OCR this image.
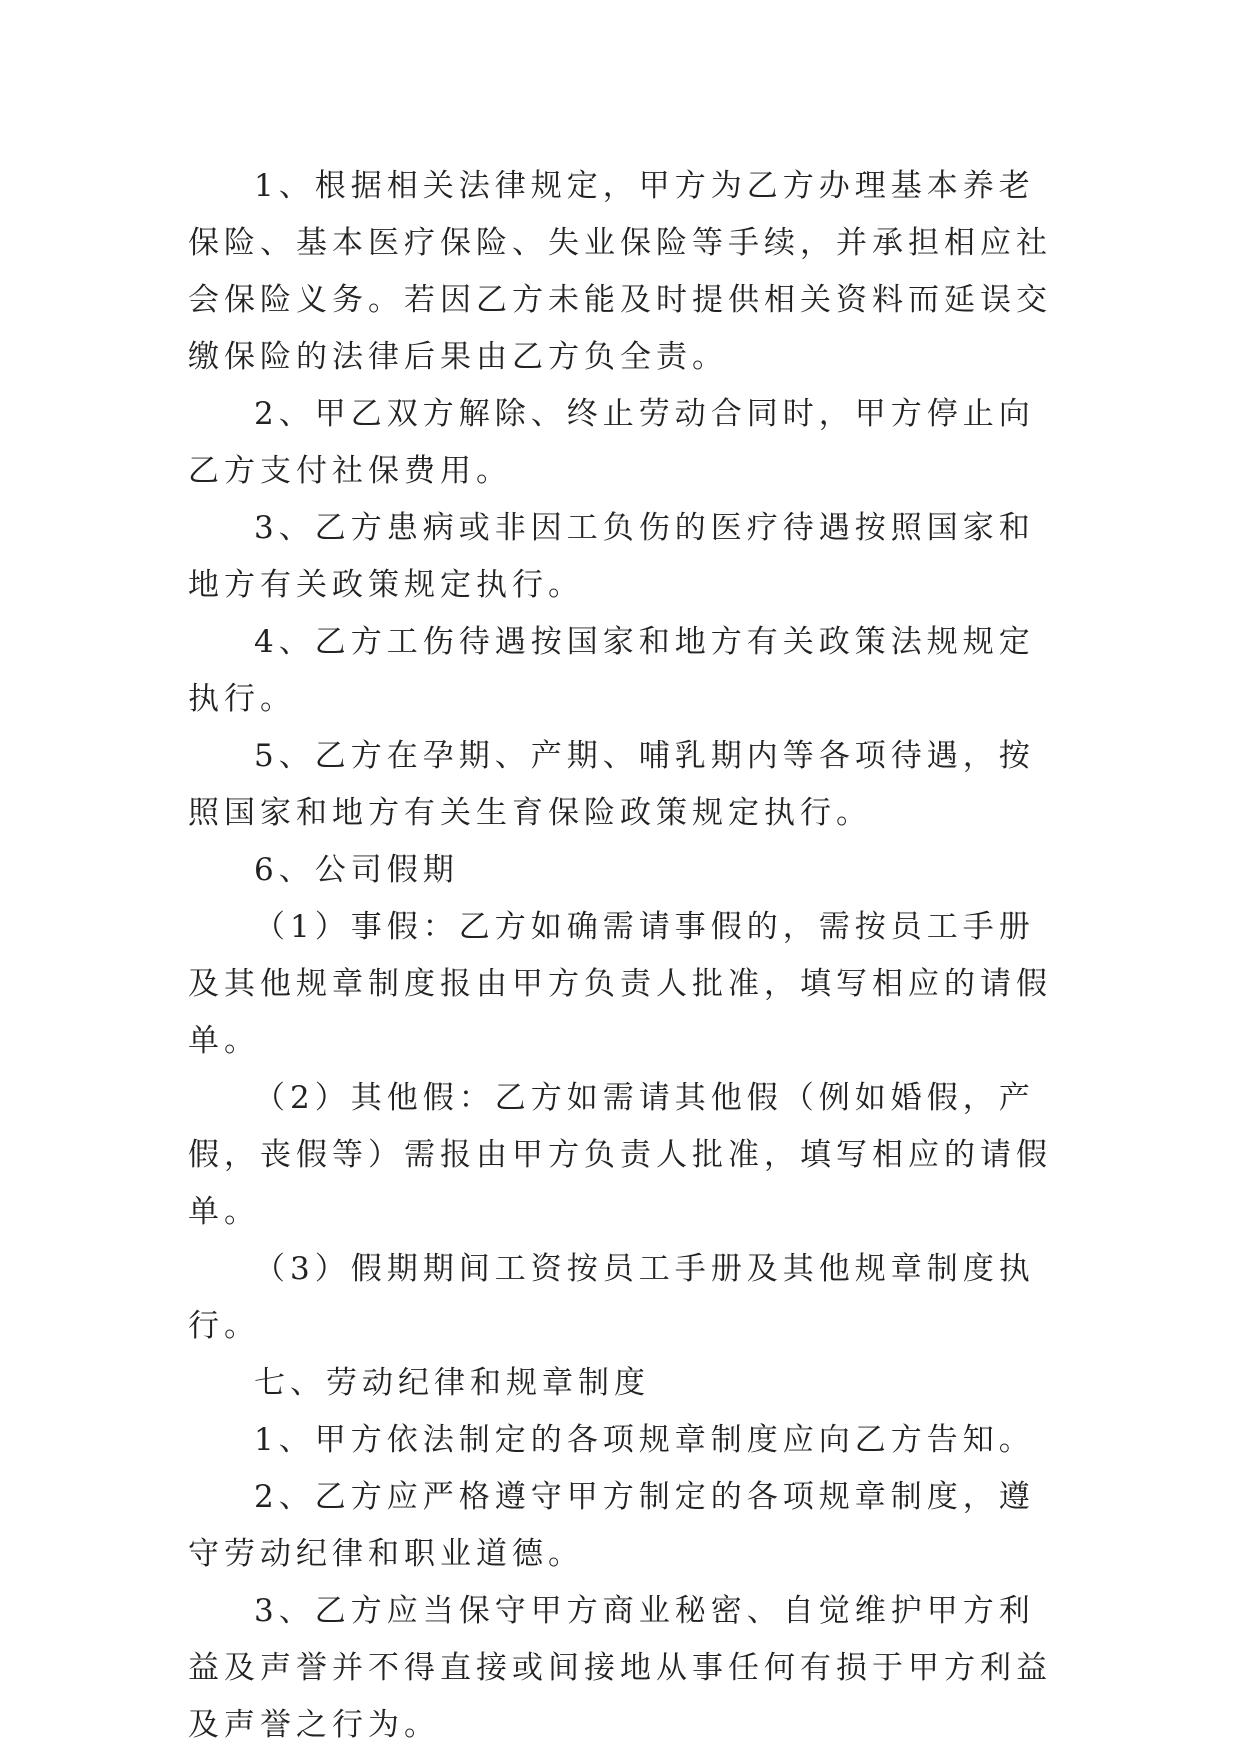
1、根据相关法律规定，甲方为乙方办理基本养老保险、基本医疗保险、失业保险等手续，并承担相应社会保险义务。若因乙方未能及时提供相关资料而延误交缴保险的法律后果由乙方负全责。

2、甲乙双方解除、终止劳动合同时，甲方停止向乙方支付社保费用。

3、乙方患病或非因工负伤的医疗待遇按照国家和地方有关政策规定执行。

4、乙方工伤待遇按国家和地方有关政策法规规定执行。

5、乙方在孕期、产期、哺乳期内等各项待遇，按照国家和地方有关生育保险政策规定执行。

6、公司假期

（1）事假：乙方如确需请事假的，需按员工手册及其他规章制度报由甲方负责人批准，填写相应的请假单。

（2）其他假：乙方如需请其他假（例如婚假，产假，丧假等）需报由甲方负责人批准，填写相应的请假单。

（3）假期期间工资按员工手册及其他规章制度执行。

七、劳动纪律和规章制度

1、甲方依法制定的各项规章制度应向乙方告知。

2、乙方应严格遵守甲方制定的各项规章制度，遵守劳动纪律和职业道德。

3、乙方应当保守甲方商业秘密、自觉维护甲方利益及声誉并不得直接或间接地从事任何有损于甲方利益及声誉之行为。
